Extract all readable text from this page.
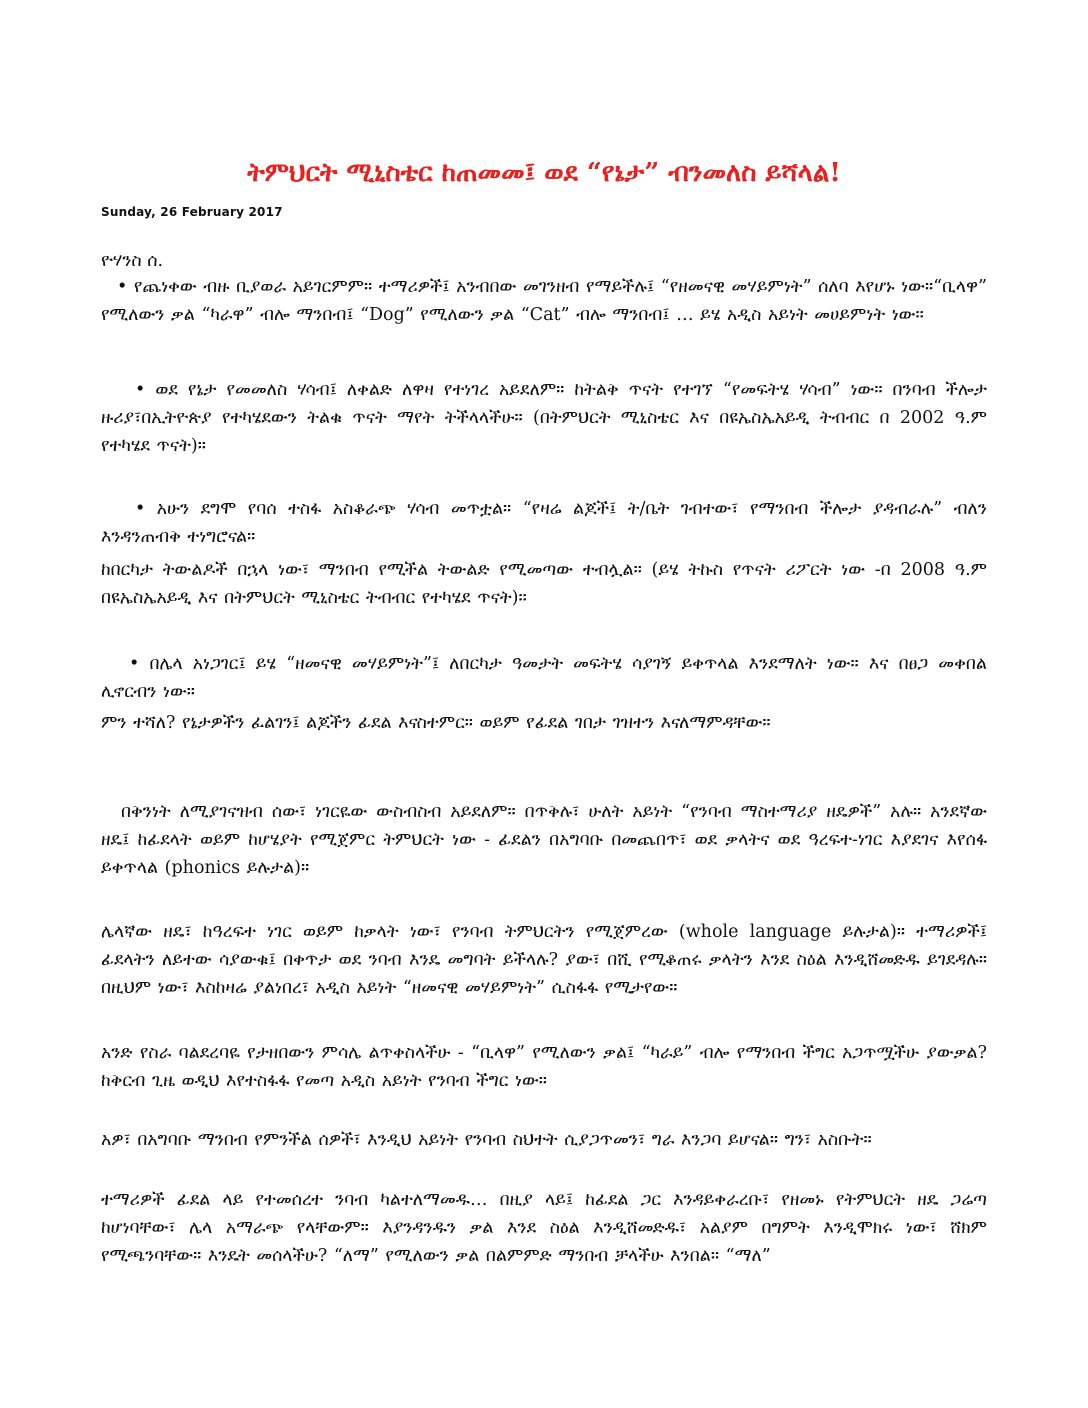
ትምህርት ሚኒስቴር ከጠመመ፤ ወደ “የኔታ” ብንመለስ ይሻላል!
Sunday, 26 February 2017
ዮሃንስ ሰ.

• የጨነቀው ብዙ ቢያወራ አይገርምም። ተማሪዎች፤ አንብበው መገንዘብ የማይችሉ፤ “የዘመናዊ መሃይምነት” ሰለባ እየሆኑ ነው።“ቢላዋ” የሚለውን ቃል “ካራዋ” ብሎ ማንበብ፤ “Dog” የሚለውን ቃል “Cat” ብሎ ማንበብ፤ … ይሄ አዲስ አይነት መሀይምነት ነው፡፡

• ወደ የኔታ የመመለስ ሃሳብ፤ ለቀልድ ለዋዛ የተነገረ አይደለም። ከትልቅ ጥናት የተገኘ “የመፍትሄ ሃሳብ” ነው። በንባብ ችሎታ ዙሪያ፣በኢትዮጵያ የተካሄደውን ትልቁ ጥናት ማየት ትችላላችሁ። (በትምህርት ሚኒስቴር እና በዩኤስኤአይዲ ትብብር በ 2002 ዓ.ም የተካሄደ ጥናት)።

• አሁን ደግሞ የባሰ ተስፋ አስቆራጭ ሃሳብ መጥቷል። “የዛሬ ልጆች፤ ት/ቤት ገብተው፣ የማንበብ ችሎታ ያዳብራሉ” ብለን እንዳንጠብቅ ተነግሮናል።

ከበርካታ ትውልዶች በኋላ ነው፣ ማንበብ የሚችል ትውልድ የሚመጣው ተብሏል። (ይሄ ትኩስ የጥናት ሪፖርት ነው -በ 2008 ዓ.ም በዩኤስኤአይዲ እና በትምህርት ሚኒስቴር ትብብር የተካሄደ ጥናት)፡፡

• በሌላ አነጋገር፤ ይሄ “ዘመናዊ መሃይምነት”፤ ለበርካታ ዓመታት መፍትሄ ሳያገኝ ይቀጥላል እንደማለት ነው። እና በፀጋ መቀበል ሊኖርብን ነው።

ምን ተሻለ? የኔታዎችን ፈልገን፤ ልጆችን ፊደል እናስተምር። ወይም የፊደል ገበታ ገዝተን እናለማምዳቸው።

በቅንነት ለሚያገናዝብ ሰው፣ ነገርዬው ውስብስብ አይደለም። በጥቅሉ፣ ሁለት አይነት “የንባብ ማስተማሪያ ዘዴዎች” አሉ። አንደኛው ዘዴ፤ ከፊደላት ወይም ከሆሄያት የሚጀምር ትምህርት ነው - ፊደልን በአግባቡ በመጨበጥ፣ ወደ ቃላትና ወደ ዓረፍተ-ነገር እያደገና እየሰፋ ይቀጥላል (phonics ይሉታል)።

ሌላኛው ዘዴ፣ ከዓረፍተ ነገር ወይም ከቃላት ነው፣ የንባብ ትምህርትን የሚጀምረው (whole language ይሉታል)። ተማሪዎች፤ ፊደላትን ለይተው ሳያውቁ፤ በቀጥታ ወደ ንባብ እንዴ መግባት ይችላሉ? ያው፣ በሺ የሚቆጠሩ ቃላትን እንደ ስዕል እንዲሸመድዱ ይገደዳሉ። በዚህም ነው፣ እስከዛሬ ያልነበረ፣ አዲስ አይነት “ዘመናዊ መሃይምነት” ሲስፋፋ የሚታየው።

አንድ የስራ ባልደረባዬ የታዘበውን ምሳሌ ልጥቀስላችሁ - “ቢላዋ” የሚለውን ቃል፤ “ካራይ” ብሎ የማንበብ ችግር አጋጥሟችሁ ያውቃል? ከቅርብ ጊዜ ወዲህ እየተስፋፋ የመጣ አዲስ አይነት የንባብ ችግር ነው።

አዎ፣ በአግባቡ ማንበብ የምንችል ሰዎች፣ እንዲህ አይነት የንባብ ስህተት ሲያጋጥመን፣ ግራ እንጋባ ይሆናል። ግን፣ አስቡት።

ተማሪዎች ፊደል ላይ የተመሰረተ ንባብ ካልተለማመዱ… በዚያ ላይ፤ ከፊደል ጋር እንዳይቀራረቡ፣ የዘመኑ የትምህርት ዘዴ ጋሬጣ ከሆነባቸው፣ ሌላ አማራጭ የላቸውም። እያንዳንዱን ቃል እንደ ስዕል እንዲሸመድዱ፣ አልያም በግምት እንዲሞክሩ ነው፣ ሸክም የሚጫንባቸው። እንዴት መሰላችሁ? “ለማ” የሚለውን ቃል በልምምድ ማንበብ ቻላችሁ እንበል፡፡ “ማለ”
